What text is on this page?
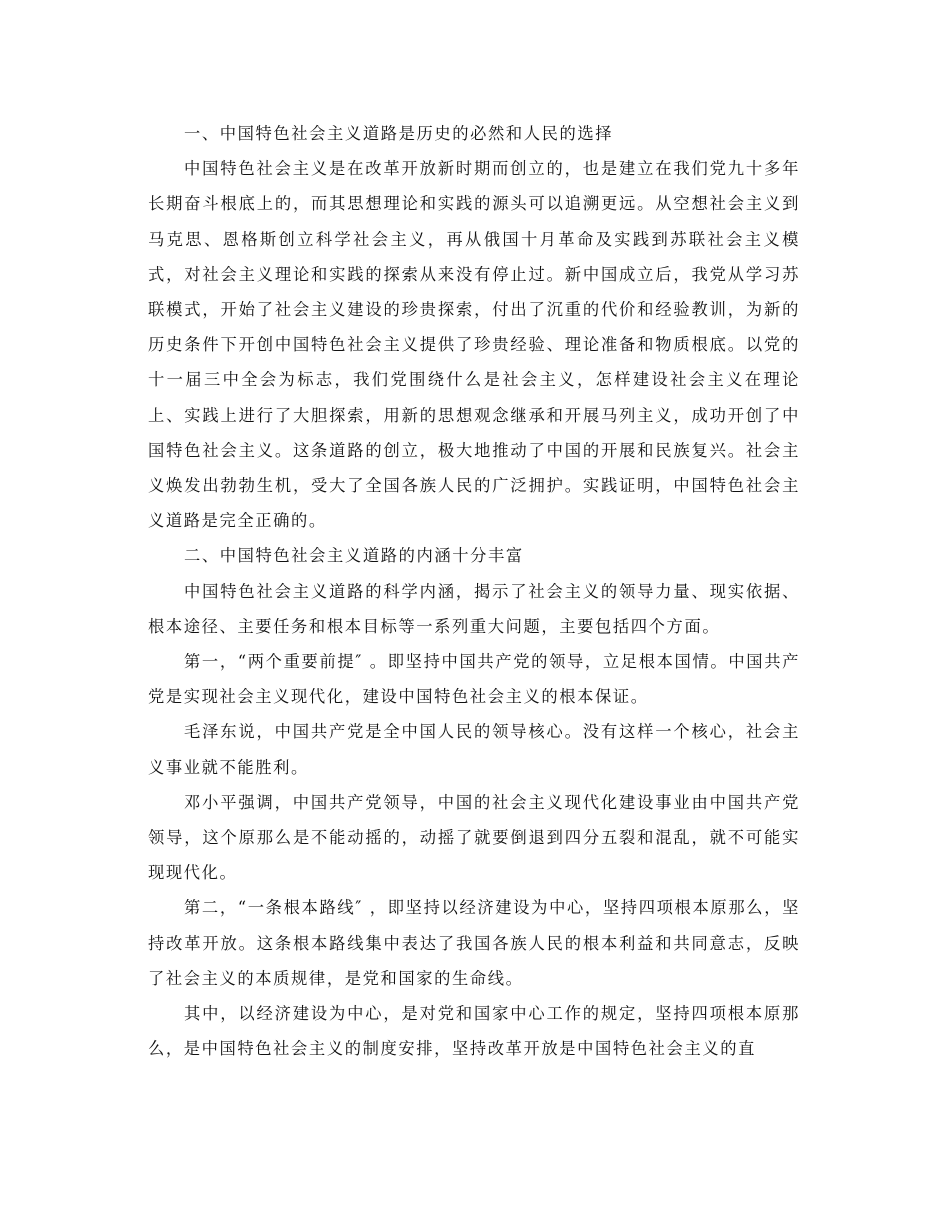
一、中国特色社会主义道路是历史的必然和人民的选择

中国特色社会主义是在改革开放新时期而创立的，也是建立在我们党九十多年长期奋斗根底上的，而其思想理论和实践的源头可以追溯更远。从空想社会主义到马克思、恩格斯创立科学社会主义，再从俄国十月革命及实践到苏联社会主义模式，对社会主义理论和实践的探索从来没有停止过。新中国成立后，我党从学习苏联模式，开始了社会主义建设的珍贵探索，付出了沉重的代价和经验教训，为新的历史条件下开创中国特色社会主义提供了珍贵经验、理论准备和物质根底。以党的十一届三中全会为标志，我们党围绕什么是社会主义，怎样建设社会主义在理论上、实践上进行了大胆探索，用新的思想观念继承和开展马列主义，成功开创了中国特色社会主义。这条道路的创立，极大地推动了中国的开展和民族复兴。社会主义焕发出勃勃生机，受大了全国各族人民的广泛拥护。实践证明，中国特色社会主义道路是完全正确的。

二、中国特色社会主义道路的内涵十分丰富

中国特色社会主义道路的科学内涵，揭示了社会主义的领导力量、现实依据、根本途径、主要任务和根本目标等一系列重大问题，主要包括四个方面。

第一，“两个重要前提″ 。即坚持中国共产党的领导，立足根本国情。中国共产党是实现社会主义现代化，建设中国特色社会主义的根本保证。

毛泽东说，中国共产党是全中国人民的领导核心。没有这样一个核心，社会主义事业就不能胜利。

邓小平强调，中国共产党领导，中国的社会主义现代化建设事业由中国共产党领导，这个原那么是不能动摇的，动摇了就要倒退到四分五裂和混乱，就不可能实现现代化。

第二，“一条根本路线″ ，即坚持以经济建设为中心，坚持四项根本原那么，坚持改革开放。这条根本路线集中表达了我国各族人民的根本利益和共同意志，反映了社会主义的本质规律，是党和国家的生命线。

其中，以经济建设为中心，是对党和国家中心工作的规定，坚持四项根本原那么，是中国特色社会主义的制度安排，坚持改革开放是中国特色社会主义的直
